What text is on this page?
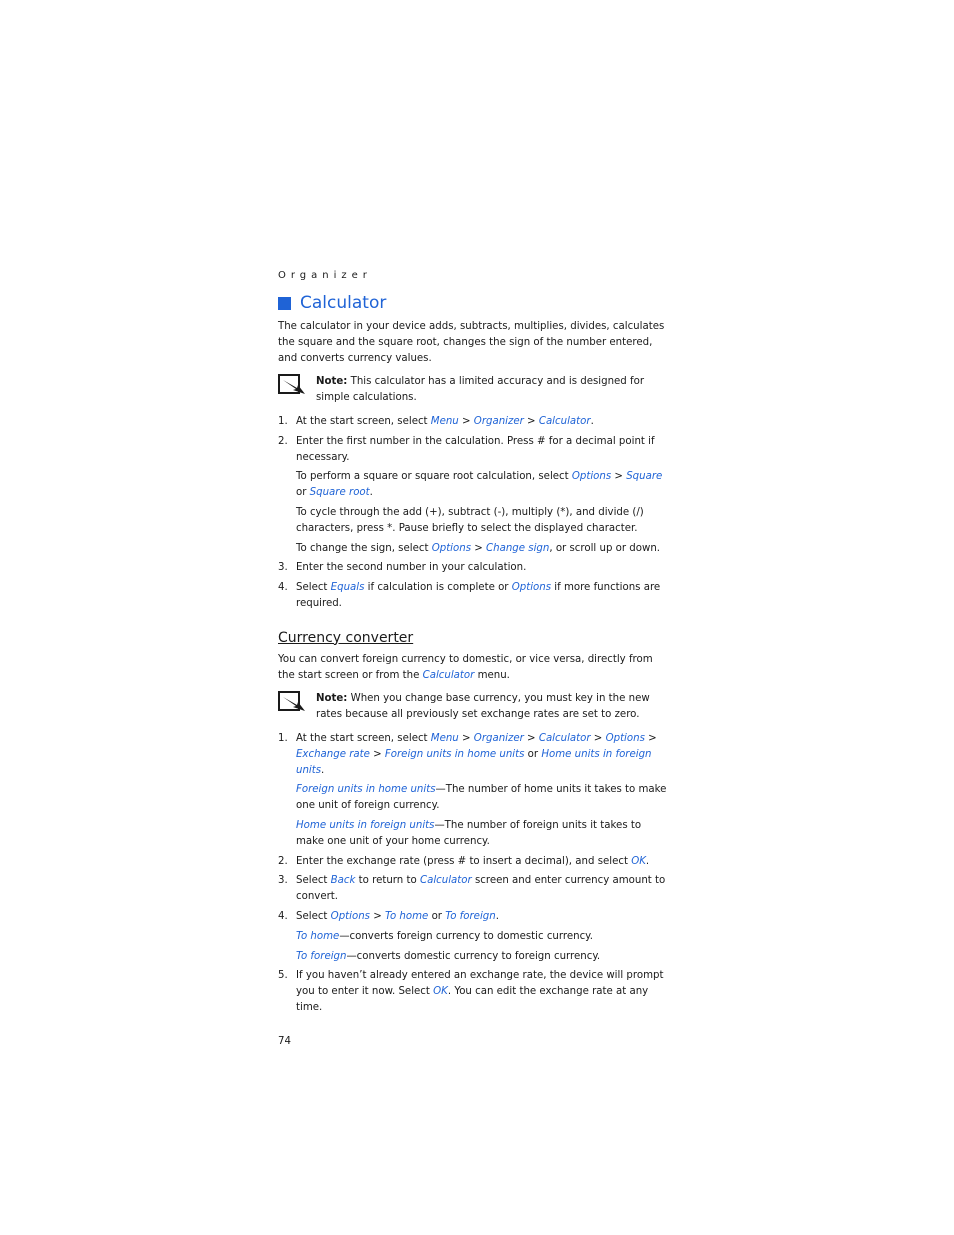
Organizer
Calculator

The calculator in your device adds, subtracts, multiplies, divides, calculates the square and the square root, changes the sign of the number entered, and converts currency values.

Note: This calculator has a limited accuracy and is designed for simple calculations.

1. At the start screen, select Menu > Organizer > Calculator.
2. Enter the first number in the calculation. Press # for a decimal point if necessary.

To perform a square or square root calculation, select Options > Square or Square root.

To cycle through the add (+), subtract (-), multiply (*), and divide (/) characters, press *. Pause briefly to select the displayed character.

To change the sign, select Options > Change sign, or scroll up or down.

3. Enter the second number in your calculation.
4. Select Equals if calculation is complete or Options if more functions are required.
Currency converter

You can convert foreign currency to domestic, or vice versa, directly from the start screen or from the Calculator menu.

Note: When you change base currency, you must key in the new rates because all previously set exchange rates are set to zero.

1. At the start screen, select Menu > Organizer > Calculator > Options > Exchange rate > Foreign units in home units or Home units in foreign units.

Foreign units in home units—The number of home units it takes to make one unit of foreign currency.

Home units in foreign units—The number of foreign units it takes to make one unit of your home currency.

2. Enter the exchange rate (press # to insert a decimal), and select OK.
3. Select Back to return to Calculator screen and enter currency amount to convert.
4. Select Options > To home or To foreign.

To home—converts foreign currency to domestic currency.

To foreign—converts domestic currency to foreign currency.

5. If you haven’t already entered an exchange rate, the device will prompt you to enter it now. Select OK. You can edit the exchange rate at any time.
74
